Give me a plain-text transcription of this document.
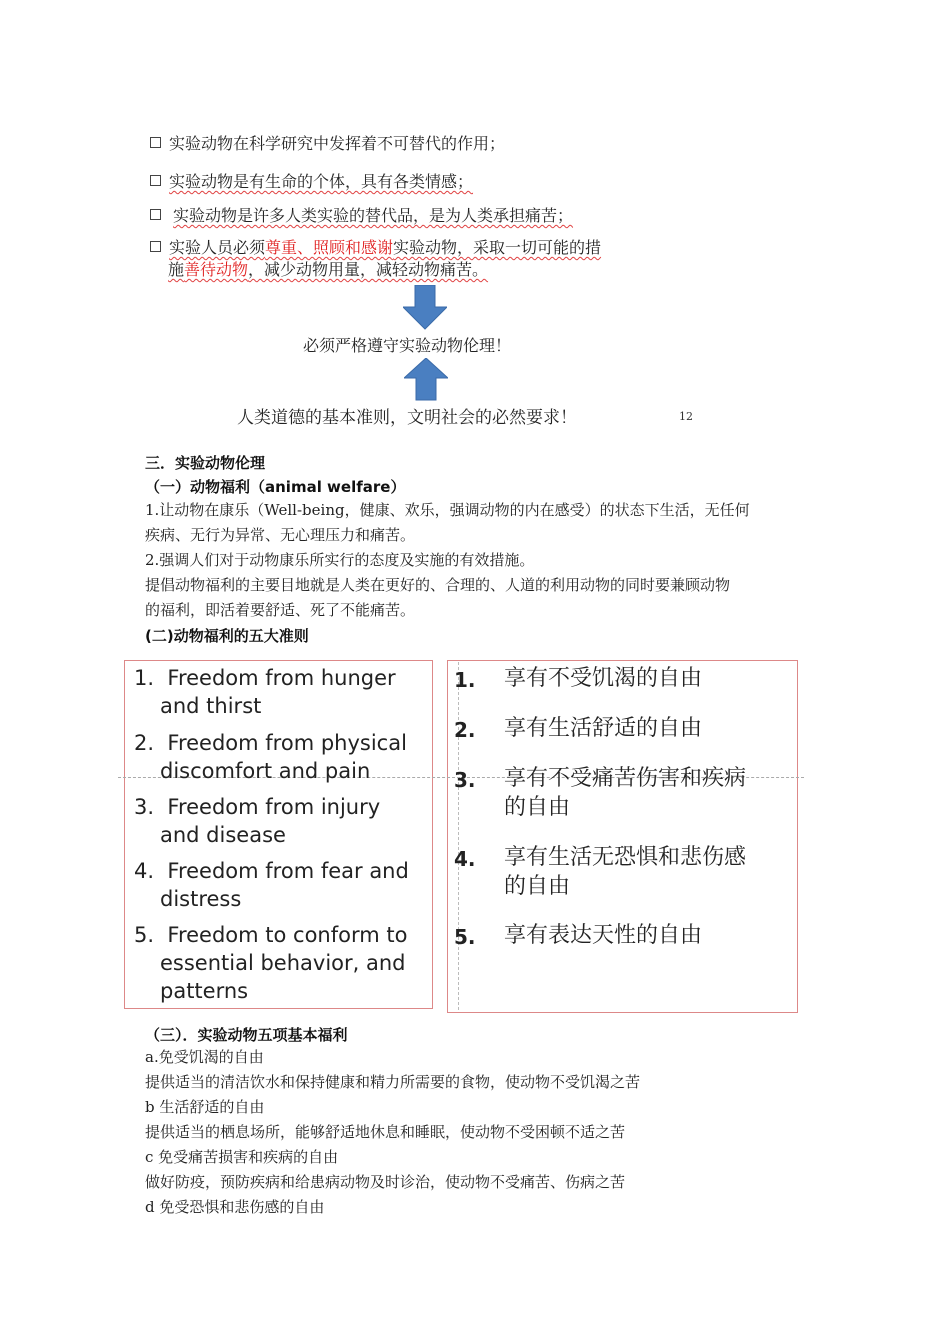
实验动物在科学研究中发挥着不可替代的作用；
实验动物是有生命的个体，具有各类情感；
实验动物是许多人类实验的替代品，是为人类承担痛苦；
实验人员必须尊重、照顾和感谢实验动物，采取一切可能的措
施善待动物，减少动物用量，减轻动物痛苦。
必须严格遵守实验动物伦理！
人类道德的基本准则，文明社会的必然要求！	12
三．实验动物伦理
（一）动物福利（animal welfare）
1.让动物在康乐（Well-being，健康、欢乐，强调动物的内在感受）的状态下生活，无任何
疾病、无行为异常、无心理压力和痛苦。
2.强调人们对于动物康乐所实行的态度及实施的有效措施。
提倡动物福利的主要目地就是人类在更好的、合理的、人道的利用动物的同时要兼顾动物
的福利，即活着要舒适、死了不能痛苦。
(二)动物福利的五大准则
1. Freedom from hunger
and thirst
2. Freedom from physical
discomfort and pain
3. Freedom from injury
and disease
4. Freedom from fear and
distress
5. Freedom to conform to
essential behavior, and
patterns
1. 享有不受饥渴的自由
2. 享有生活舒适的自由
3. 享有不受痛苦伤害和疾病
的自由
4. 享有生活无恐惧和悲伤感
的自由
5. 享有表达天性的自由
（三）．实验动物五项基本福利
a.免受饥渴的自由
提供适当的清洁饮水和保持健康和精力所需要的食物，使动物不受饥渴之苦
b 生活舒适的自由
提供适当的栖息场所，能够舒适地休息和睡眠，使动物不受困顿不适之苦
c 免受痛苦损害和疾病的自由
做好防疫，预防疾病和给患病动物及时诊治，使动物不受痛苦、伤病之苦
d 免受恐惧和悲伤感的自由
